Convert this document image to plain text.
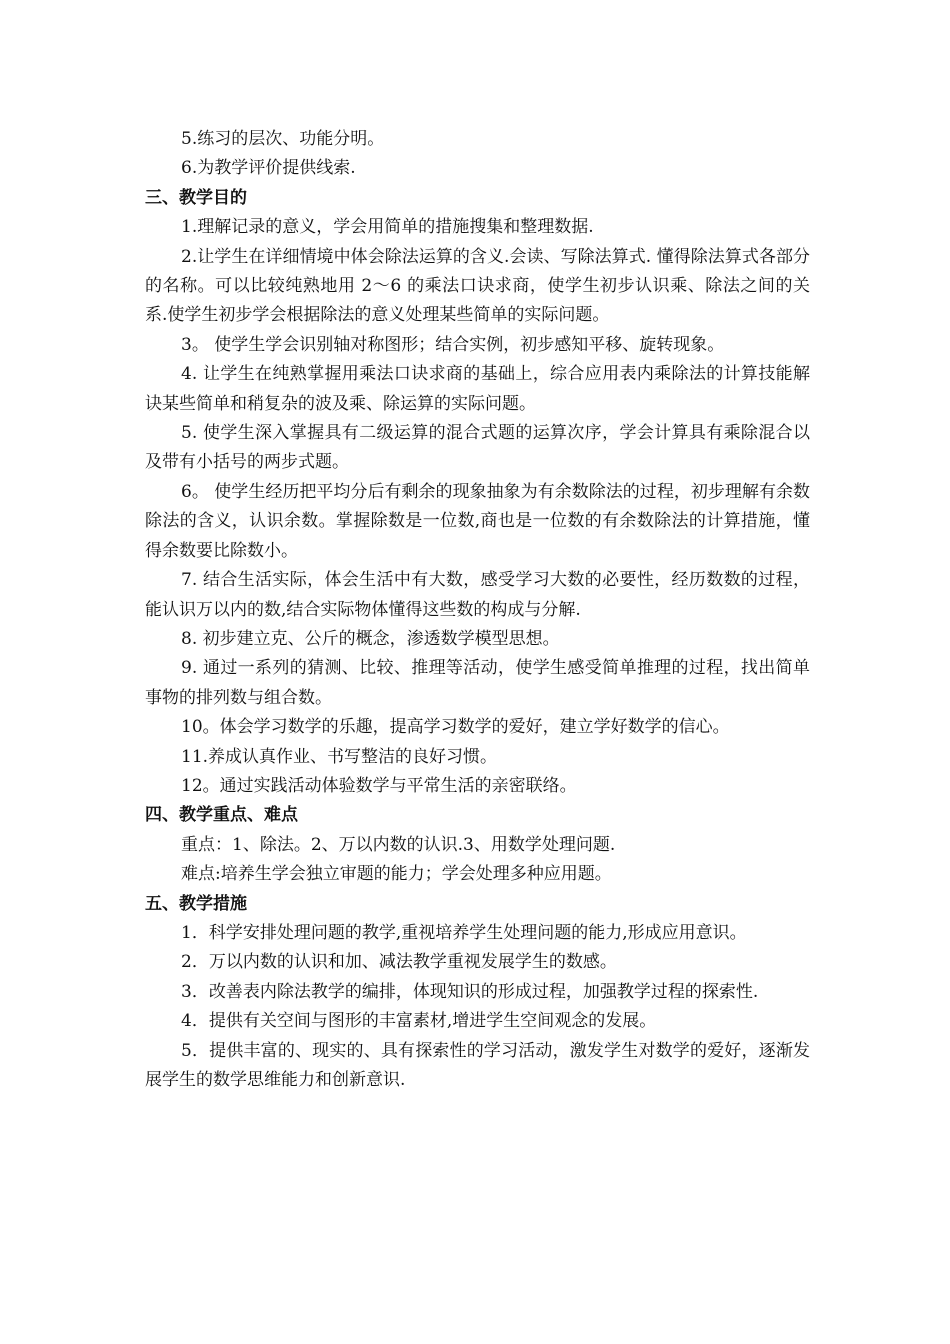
5.练习的层次、功能分明。

6.为教学评价提供线索.

三、教学目的

1.理解记录的意义，学会用简单的措施搜集和整理数据.

2.让学生在详细情境中体会除法运算的含义.会读、写除法算式. 懂得除法算式各部分的名称。可以比较纯熟地用 2～6 的乘法口诀求商，使学生初步认识乘、除法之间的关系.使学生初步学会根据除法的意义处理某些简单的实际问题。

3。 使学生学会识别轴对称图形；结合实例，初步感知平移、旋转现象。

4. 让学生在纯熟掌握用乘法口诀求商的基础上，综合应用表内乘除法的计算技能解诀某些简单和稍复杂的波及乘、除运算的实际问题。

5. 使学生深入掌握具有二级运算的混合式题的运算次序，学会计算具有乘除混合以及带有小括号的两步式题。

6。 使学生经历把平均分后有剩余的现象抽象为有余数除法的过程，初步理解有余数除法的含义，认识余数。掌握除数是一位数,商也是一位数的有余数除法的计算措施，懂得余数要比除数小。

7. 结合生活实际，体会生活中有大数，感受学习大数的必要性，经历数数的过程，能认识万以内的数,结合实际物体懂得这些数的构成与分解.

8. 初步建立克、公斤的概念，渗透数学模型思想。

9. 通过一系列的猜测、比较、推理等活动，使学生感受简单推理的过程，找出简单事物的排列数与组合数。

10。体会学习数学的乐趣，提高学习数学的爱好，建立学好数学的信心。

11.养成认真作业、书写整洁的良好习惯。

12。通过实践活动体验数学与平常生活的亲密联络。

四、教学重点、难点

重点：1、除法。2、万以内数的认识.3、用数学处理问题.

难点:培养生学会独立审题的能力；学会处理多种应用题。

五、教学措施

1．科学安排处理问题的教学,重视培养学生处理问题的能力,形成应用意识。

2．万以内数的认识和加、减法教学重视发展学生的数感。

3．改善表内除法教学的编排，体现知识的形成过程，加强教学过程的探索性.

4．提供有关空间与图形的丰富素材,增进学生空间观念的发展。

5．提供丰富的、现实的、具有探索性的学习活动，激发学生对数学的爱好，逐渐发展学生的数学思维能力和创新意识.
